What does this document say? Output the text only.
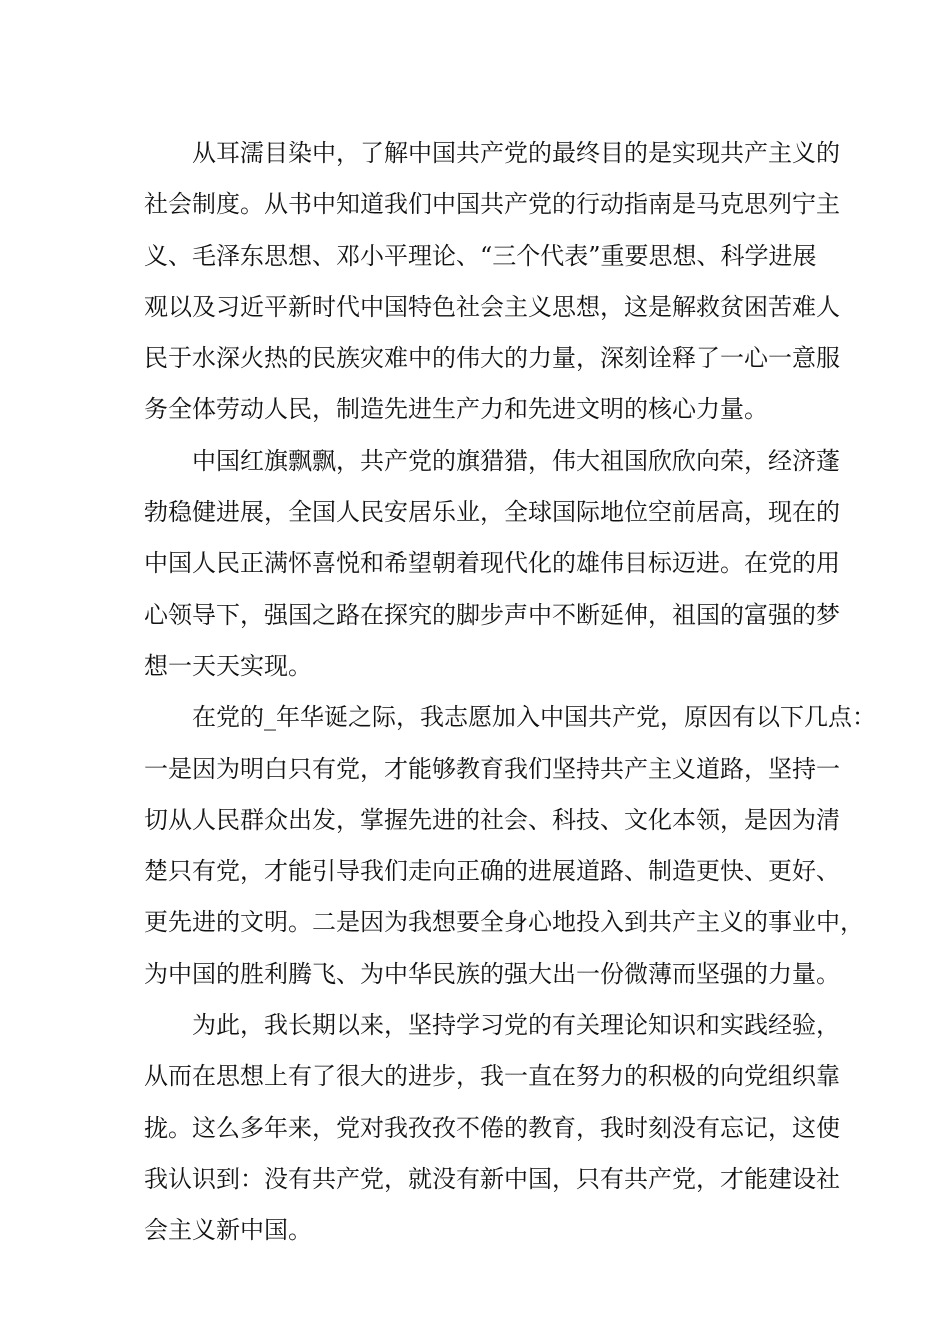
从耳濡目染中，了解中国共产党的最终目的是实现共产主义的
社会制度。从书中知道我们中国共产党的行动指南是马克思列宁主
义、毛泽东思想、邓小平理论、“三个代表”重要思想、科学进展
观以及习近平新时代中国特色社会主义思想，这是解救贫困苦难人
民于水深火热的民族灾难中的伟大的力量，深刻诠释了一心一意服
务全体劳动人民，制造先进生产力和先进文明的核心力量。
中国红旗飘飘，共产党的旗猎猎，伟大祖国欣欣向荣，经济蓬
勃稳健进展，全国人民安居乐业，全球国际地位空前居高，现在的
中国人民正满怀喜悦和希望朝着现代化的雄伟目标迈进。在党的用
心领导下，强国之路在探究的脚步声中不断延伸，祖国的富强的梦
想一天天实现。
在党的_年华诞之际，我志愿加入中国共产党，原因有以下几点：
一是因为明白只有党，才能够教育我们坚持共产主义道路，坚持一
切从人民群众出发，掌握先进的社会、科技、文化本领，是因为清
楚只有党，才能引导我们走向正确的进展道路、制造更快、更好、
更先进的文明。二是因为我想要全身心地投入到共产主义的事业中，
为中国的胜利腾飞、为中华民族的强大出一份微薄而坚强的力量。
为此，我长期以来，坚持学习党的有关理论知识和实践经验，
从而在思想上有了很大的进步，我一直在努力的积极的向党组织靠
拢。这么多年来，党对我孜孜不倦的教育，我时刻没有忘记，这使
我认识到：没有共产党，就没有新中国，只有共产党，才能建设社
会主义新中国。
